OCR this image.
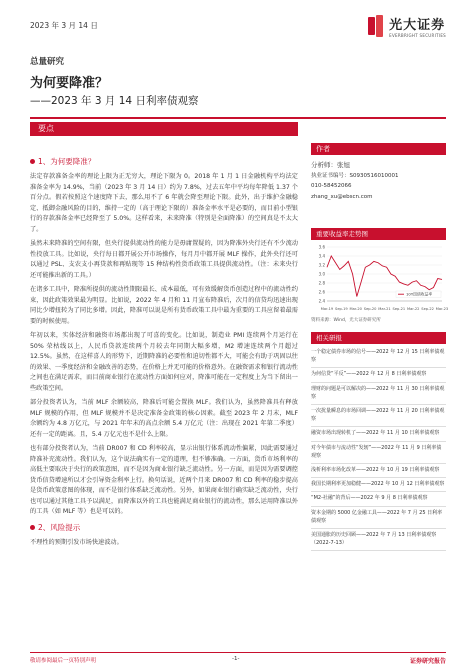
2023 年 3 月 14 日	光大证券
EVERBRIGHT SECURITIES
总量研究
为何要降准？
——2023 年 3 月 14 日利率债观察
要点
1、为何要降准？

法定存款准备金率的理论上限为正无穷大，理论下限为 0。2018 年 1 月 1 日金融机构平均法定准备金率为 14.9%，当前（2023 年 3 月 14 日）约为 7.8%，过去五年中平均每年降低 1.37 个百分点。假若按照这个速度降下去，那么用不了 6 年就会降至理论下限。此外，出于维护金融稳定、抵御金融风险的目的，维持一定的（高于理论下限的）准备金率水平是必要的，而目前小型银行的存款准备金率已经降至了 5.0%。这样看来，未来降准（特别是全面降准）的空间真是不太大了。

虽然未来降准的空间有限，但央行提供流动性的能力是毋庸置疑的，因为降准外央行还有不少流动性投放工具。比如说，央行每日都开展公开市场操作，每月月中都开展 MLF 操作，此外央行还可以通过 PSL、支农支小再贷款和再贴现等 15 种结构性货币政策工具提供流动性。（注：未来央行还可能推出新的工具。）

在诸多工具中，降准所提供的流动性期限最长、成本最低，可有效缓解货币创造过程中的流动性约束，因此政策效果最为明显。比如说，2022 年 4 月和 11 月宣布降准后，次月的信贷均迅速出现同比少增扭转为了同比多增。因此，降准可以说是所有货币政策工具中最为重要的工具应留着最需要的时候使用。

年初以来，实体经济和融资市场都出现了可喜的变化。比如说，制造业 PMI 连续两个月运行在 50% 荣枯线以上，人民币贷款连续两个月较去年同期大幅多增，M2 增速连续两个月超过 12.5%。虽然，在这样喜人的形势下，近期降准的必要性和迫切性都不大，可能会有助于巩固以往的效果、一季度经济和金融改善的态势，在价格上并无可能的价格意外。在融资需求和银行流动性之间也在满足需求，而目前商业银行在流动性方面如何应对，降准可能在一定程度上为当下留出一些政策空间。

部分投资者认为，当前 MLF 余额较高，降准后可能会置换 MLF。我们认为，虽然降准具有释放 MLF 规模的作用，但 MLF 规模并不是决定准备金政策的核心因素。截至 2023 年 2 月末，MLF 余额约为 4.8 万亿元，与 2021 年年末的高点余额 5.4 万亿元（注：出现在 2021 年第二季度）还有一定的距离。且，5.4 万亿元也不是什么上限。

也有部分投资者认为，当前 DR007 和 CD 利率较高，显示出银行体系流动性偏紧，因此需要通过降准补充流动性。我们认为，这个说法确实有一定的道理，但不够准确。一方面，货币市场利率的高低主要取决于央行的政策意图，而不是因为商业银行缺乏流动性。另一方面，而是因为需要调控货币信贷增速所以才会引导资金利率上行。换句话说，近两个月来 DR007 和 CD 利率的稳步提高是货币政策意图的体现，而不是银行体系缺乏流动性。另外，如果商业银行确实缺乏流动性，央行也可以通过其他工具予以满足，而降准以外的工具也能满足商业银行的流动性，那么运用降准以外的工具（如 MLF 等）也是可以的。

2、风险提示

不理性的预期引发市场快速波动。

作者
分析师：张旭
执业证书编号：S0930516010001
010-58452066
zhang_xu@ebscn.com
重要收益率走势图
2.4
2.6
2.8
3.0
3.2
3.4
3.6
Mar-19 Sep-19 Mar-20 Sep-20 Mar-21 Sep-21 Mar-22 Sep-22 Mar-23
10Y国债收益率
资料来源：Wind，光大证券研究所
相关研报
一个稳定债券市场的信号——2022 年 12 月 15 日利率债观察
为何信贷“平反”——2022 年 12 月 8 日利率债观察
理财的问题是可以解决的——2022 年 11 月 30 日利率债观察
一次扰量瞬息的市场回调——2022 年 11 月 20 日利率债观察
融资市场出现转机了——2022 年 11 月 10 日利率债观察
对今年债市与流动性“发轫”——2022 年 11 月 9 日利率债观察
浅析利率市场化改革——2022 年 10 月 19 日利率债观察
我国长期利率更加稳健——2022 年 10 月 12 日利率债观察
“M2-社融”的背后——2022 年 9 月 8 日利率债观察
资本金期的 5000 亿金融工具——2022 年 7 月 25 日利率债观察
美国通胀的历史回顾——2022 年 7 月 13 日利率债观察（2022-7-13）
敬请参阅最后一页特别声明	-1-	证券研究报告
